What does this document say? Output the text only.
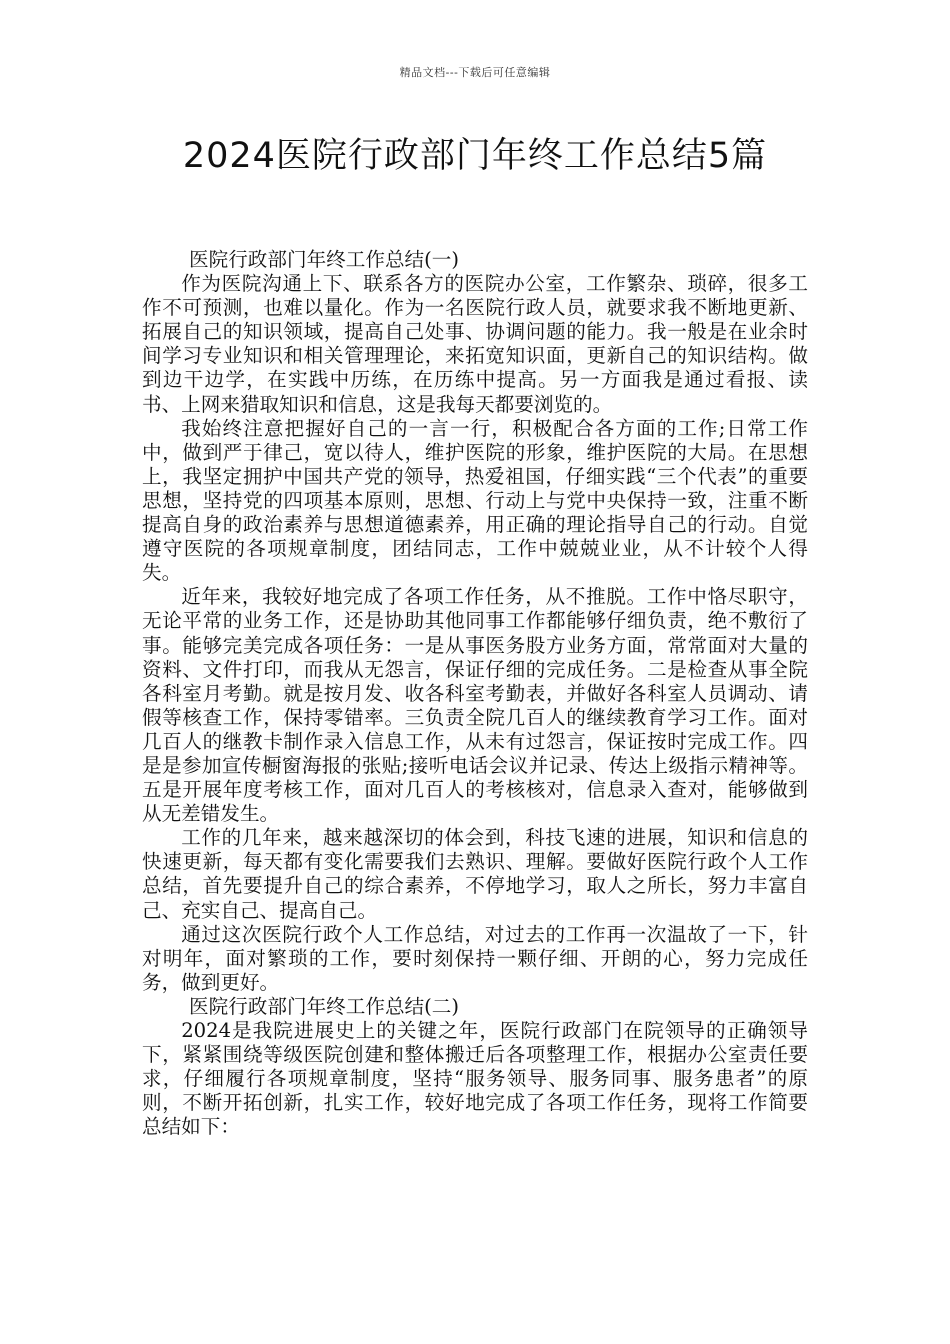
精品文档---下载后可任意编辑
2024医院行政部门年终工作总结5篇

医院行政部门年终工作总结(一)

作为医院沟通上下、联系各方的医院办公室，工作繁杂、琐碎，很多工作不可预测，也难以量化。作为一名医院行政人员，就要求我不断地更新、拓展自己的知识领域，提高自己处事、协调问题的能力。我一般是在业余时间学习专业知识和相关管理理论，来拓宽知识面，更新自己的知识结构。做到边干边学，在实践中历练，在历练中提高。另一方面我是通过看报、读书、上网来猎取知识和信息，这是我每天都要浏览的。

我始终注意把握好自己的一言一行，积极配合各方面的工作;日常工作中，做到严于律己，宽以待人，维护医院的形象，维护医院的大局。在思想上，我坚定拥护中国共产党的领导，热爱祖国，仔细实践“三个代表”的重要思想，坚持党的四项基本原则，思想、行动上与党中央保持一致，注重不断提高自身的政治素养与思想道德素养，用正确的理论指导自己的行动。自觉遵守医院的各项规章制度，团结同志，工作中兢兢业业，从不计较个人得失。

近年来，我较好地完成了各项工作任务，从不推脱。工作中恪尽职守，无论平常的业务工作，还是协助其他同事工作都能够仔细负责，绝不敷衍了事。能够完美完成各项任务：一是从事医务股方业务方面，常常面对大量的资料、文件打印，而我从无怨言，保证仔细的完成任务。二是检查从事全院各科室月考勤。就是按月发、收各科室考勤表，并做好各科室人员调动、请假等核查工作，保持零错率。三负责全院几百人的继续教育学习工作。面对几百人的继教卡制作录入信息工作，从未有过怨言，保证按时完成工作。四是是参加宣传橱窗海报的张贴;接听电话会议并记录、传达上级指示精神等。五是开展年度考核工作，面对几百人的考核核对，信息录入查对，能够做到从无差错发生。

工作的几年来，越来越深切的体会到，科技飞速的进展，知识和信息的快速更新，每天都有变化需要我们去熟识、理解。要做好医院行政个人工作总结，首先要提升自己的综合素养，不停地学习，取人之所长，努力丰富自己、充实自己、提高自己。

通过这次医院行政个人工作总结，对过去的工作再一次温故了一下，针对明年，面对繁琐的工作，要时刻保持一颗仔细、开朗的心，努力完成任务，做到更好。

医院行政部门年终工作总结(二)

2024是我院进展史上的关键之年，医院行政部门在院领导的正确领导下，紧紧围绕等级医院创建和整体搬迁后各项整理工作，根据办公室责任要求，仔细履行各项规章制度，坚持“服务领导、服务同事、服务患者”的原则，不断开拓创新，扎实工作，较好地完成了各项工作任务，现将工作简要总结如下：
